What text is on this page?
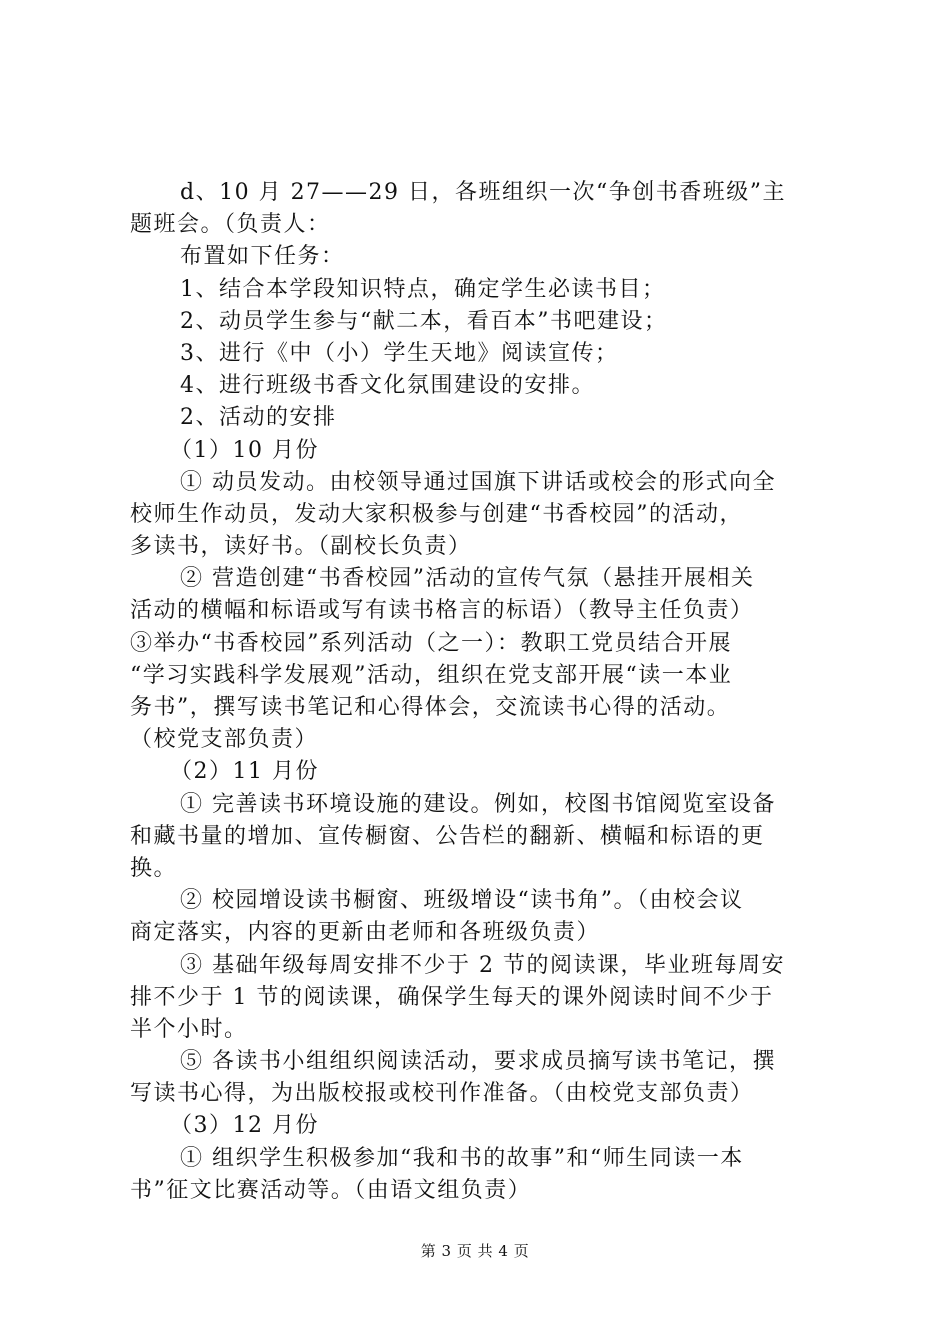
d、10 月 27——29 日，各班组织一次“争创书香班级”主
题班会。（负责人：
布置如下任务：
1、结合本学段知识特点，确定学生必读书目；
2、动员学生参与“献二本，看百本”书吧建设；
3、进行《中（小）学生天地》阅读宣传；
4、进行班级书香文化氛围建设的安排。
2、活动的安排
（1）10 月份
① 动员发动。由校领导通过国旗下讲话或校会的形式向全
校师生作动员，发动大家积极参与创建“书香校园”的活动，
多读书，读好书。（副校长负责）
② 营造创建“书香校园”活动的宣传气氛（悬挂开展相关
活动的横幅和标语或写有读书格言的标语）（教导主任负责）
③举办“书香校园”系列活动（之一）：教职工党员结合开展
“学习实践科学发展观”活动，组织在党支部开展“读一本业
务书”，撰写读书笔记和心得体会，交流读书心得的活动。
（校党支部负责）
（2）11 月份
① 完善读书环境设施的建设。例如，校图书馆阅览室设备
和藏书量的增加、宣传橱窗、公告栏的翻新、横幅和标语的更
换。
② 校园增设读书橱窗、班级增设“读书角”。（由校会议
商定落实，内容的更新由老师和各班级负责）
③ 基础年级每周安排不少于 2 节的阅读课，毕业班每周安
排不少于 1 节的阅读课，确保学生每天的课外阅读时间不少于
半个小时。
⑤ 各读书小组组织阅读活动，要求成员摘写读书笔记，撰
写读书心得，为出版校报或校刊作准备。（由校党支部负责）
（3）12 月份
① 组织学生积极参加“我和书的故事”和“师生同读一本
书”征文比赛活动等。（由语文组负责）
第 3 页 共 4 页
